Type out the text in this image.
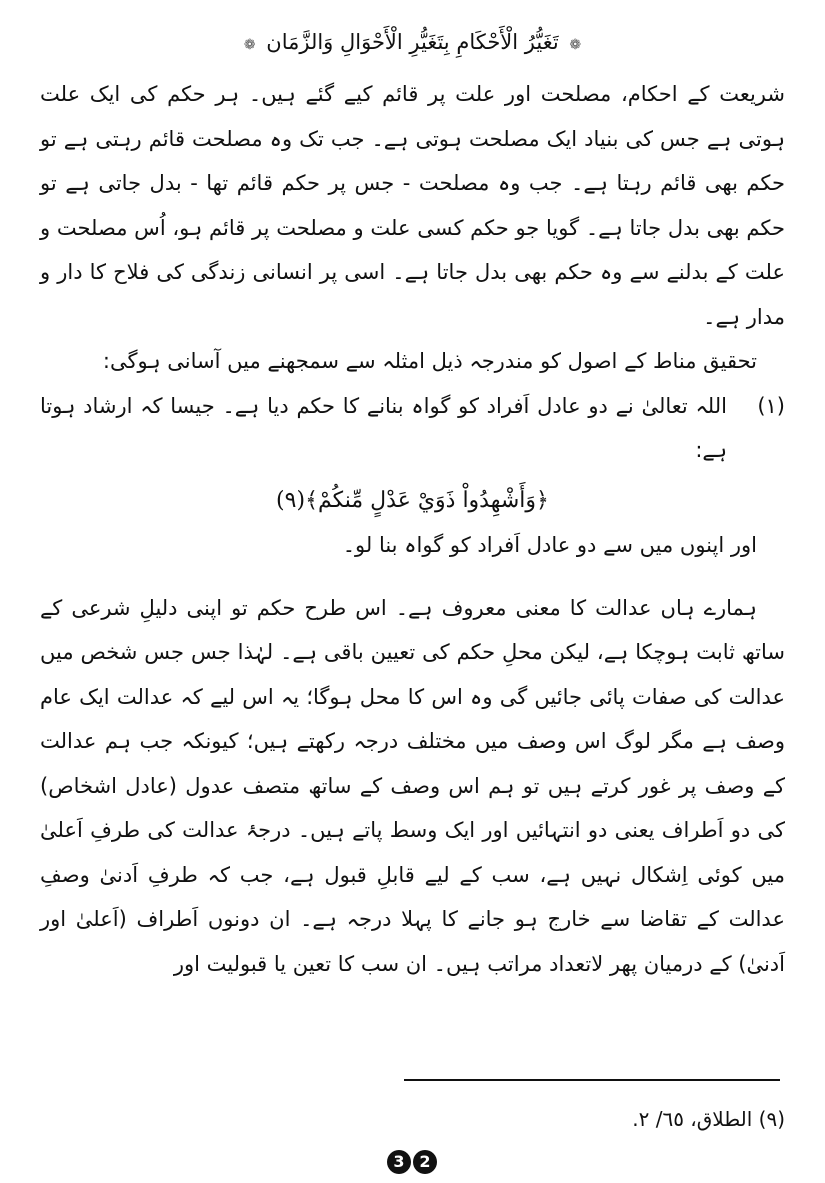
❁ تَغَيُّرُ الْأَحْكَامِ بِتَغَيُّرِ الْأَحْوَالِ وَالزَّمَان ❁

شریعت کے احکام، مصلحت اور علت پر قائم کیے گئے ہیں۔ ہر حکم کی ایک علت ہوتی ہے جس کی بنیاد ایک مصلحت ہوتی ہے۔ جب تک وہ مصلحت قائم رہتی ہے تو حکم بھی قائم رہتا ہے۔ جب وہ مصلحت - جس پر حکم قائم تھا - بدل جاتی ہے تو حکم بھی بدل جاتا ہے۔ گویا جو حکم کسی علت و مصلحت پر قائم ہو، اُس مصلحت و علت کے بدلنے سے وہ حکم بھی بدل جاتا ہے۔ اسی پر انسانی زندگی کی فلاح کا دار و مدار ہے۔

تحقیق مناط کے اصول کو مندرجہ ذیل امثلہ سے سمجھنے میں آسانی ہوگی:

(١)
اللہ تعالیٰ نے دو عادل اَفراد کو گواہ بنانے کا حکم دیا ہے۔ جیسا کہ ارشاد ہوتا ہے:

﴿وَأَشْهِدُواْ ذَوَيْ عَدْلٍ مِّنكُمْ﴾(٩)

اور اپنوں میں سے دو عادل اَفراد کو گواہ بنا لو۔

ہمارے ہاں عدالت کا معنی معروف ہے۔ اس طرح حکم تو اپنی دلیلِ شرعی کے ساتھ ثابت ہوچکا ہے، لیکن محلِ حکم کی تعیین باقی ہے۔ لہٰذا جس جس شخص میں عدالت کی صفات پائی جائیں گی وہ اس کا محل ہوگا؛ یہ اس لیے کہ عدالت ایک عام وصف ہے مگر لوگ اس وصف میں مختلف درجہ رکھتے ہیں؛ کیونکہ جب ہم عدالت کے وصف پر غور کرتے ہیں تو ہم اس وصف کے ساتھ متصف عدول (عادل اشخاص) کی دو اَطراف یعنی دو انتہائیں اور ایک وسط پاتے ہیں۔ درجۂ عدالت کی طرفِ اَعلیٰ میں کوئی اِشکال نہیں ہے، سب کے لیے قابلِ قبول ہے، جب کہ طرفِ اَدنیٰ وصفِ عدالت کے تقاضا سے خارج ہو جانے کا پہلا درجہ ہے۔ ان دونوں اَطراف (اَعلیٰ اور اَدنیٰ) کے درمیان پھر لاتعداد مراتب ہیں۔ ان سب کا تعین یا قبولیت اور

(٩) الطلاق، ٦٥/ ٢.
3 2
